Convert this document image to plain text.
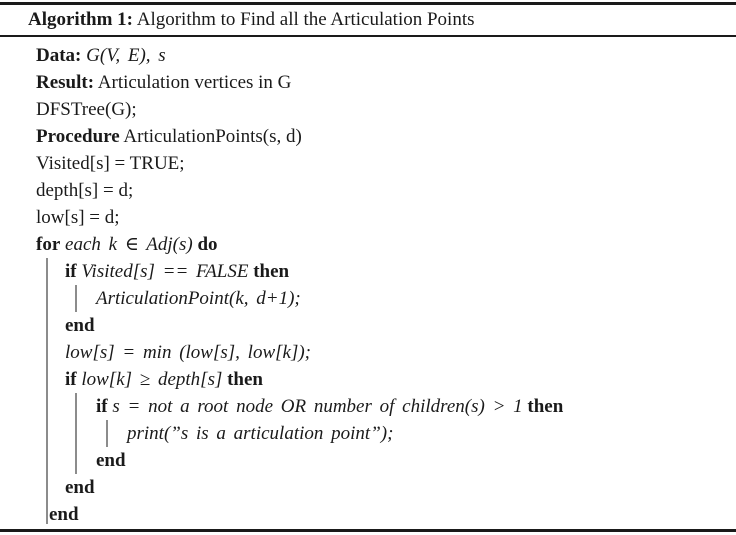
Algorithm 1: Algorithm to Find all the Articulation Points
Data: G(V, E), s
Result: Articulation vertices in G
DFSTree(G);
Procedure ArticulationPoints(s, d)
Visited[s] = TRUE;
depth[s] = d;
low[s] = d;
for each k ∈ Adj(s) do
if Visited[s] == FALSE then
ArticulationPoint(k, d+1);
end
low[s] = min (low[s], low[k]);
if low[k] ≥ depth[s] then
if s = not a root node OR number of children(s) > 1 then
print(”s is a articulation point”);
end
end
end
